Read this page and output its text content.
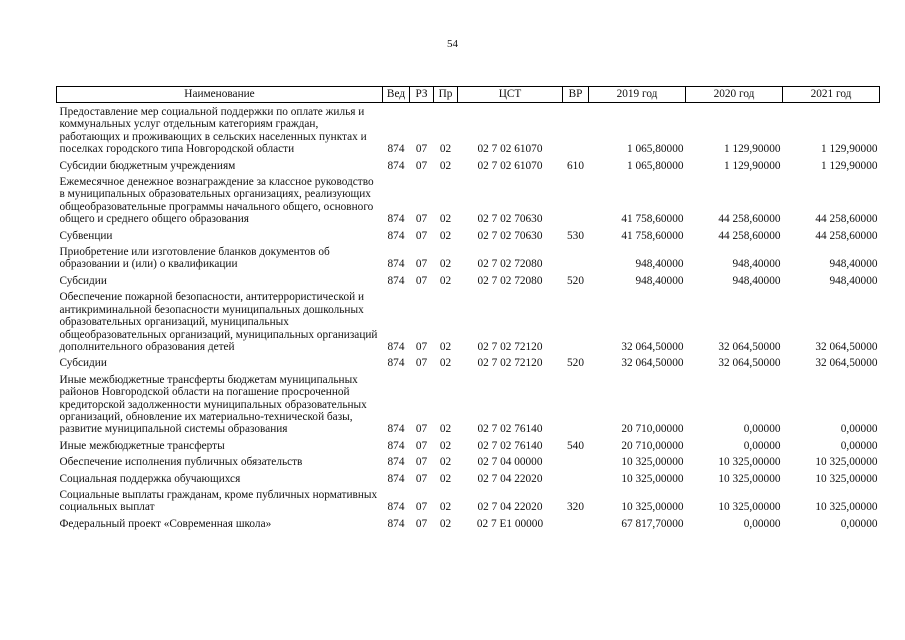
54
Наименование	Вед	РЗ	Пр	ЦСТ	ВР	2019 год	2020 год	2021 год
Предоставление мер социальной поддержки по оплате жилья и коммунальных услуг отдельным категориям граждан, работающих и проживающих в сельских населенных пунктах и поселках городского типа Новгородской области	874	07	02	02 7 02 61070		1 065,80000	1 129,90000	1 129,90000
Субсидии бюджетным учреждениям	874	07	02	02 7 02 61070	610	1 065,80000	1 129,90000	1 129,90000
Ежемесячное денежное вознаграждение за классное руководство в муниципальных образовательных организациях, реализующих общеобразовательные программы начального общего, основного общего и среднего общего образования	874	07	02	02 7 02 70630		41 758,60000	44 258,60000	44 258,60000
Субвенции	874	07	02	02 7 02 70630	530	41 758,60000	44 258,60000	44 258,60000
Приобретение или изготовление бланков документов об образовании и (или) о квалификации	874	07	02	02 7 02 72080		948,40000	948,40000	948,40000
Субсидии	874	07	02	02 7 02 72080	520	948,40000	948,40000	948,40000
Обеспечение пожарной безопасности, антитеррористической и антикриминальной безопасности муниципальных дошкольных образовательных организаций, муниципальных общеобразовательных организаций, муниципальных организаций дополнительного образования детей	874	07	02	02 7 02 72120		32 064,50000	32 064,50000	32 064,50000
Субсидии	874	07	02	02 7 02 72120	520	32 064,50000	32 064,50000	32 064,50000
Иные межбюджетные трансферты бюджетам муниципальных районов Новгородской области на погашение просроченной кредиторской задолженности муниципальных образовательных организаций, обновление их материально-технической базы, развитие муниципальной системы образования	874	07	02	02 7 02 76140		20 710,00000	0,00000	0,00000
Иные межбюджетные трансферты	874	07	02	02 7 02 76140	540	20 710,00000	0,00000	0,00000
Обеспечение исполнения публичных обязательств	874	07	02	02 7 04 00000		10 325,00000	10 325,00000	10 325,00000
Социальная поддержка обучающихся	874	07	02	02 7 04 22020		10 325,00000	10 325,00000	10 325,00000
Социальные выплаты гражданам, кроме публичных нормативных социальных выплат	874	07	02	02 7 04 22020	320	10 325,00000	10 325,00000	10 325,00000
Федеральный проект «Современная школа»	874	07	02	02 7 E1 00000		67 817,70000	0,00000	0,00000
